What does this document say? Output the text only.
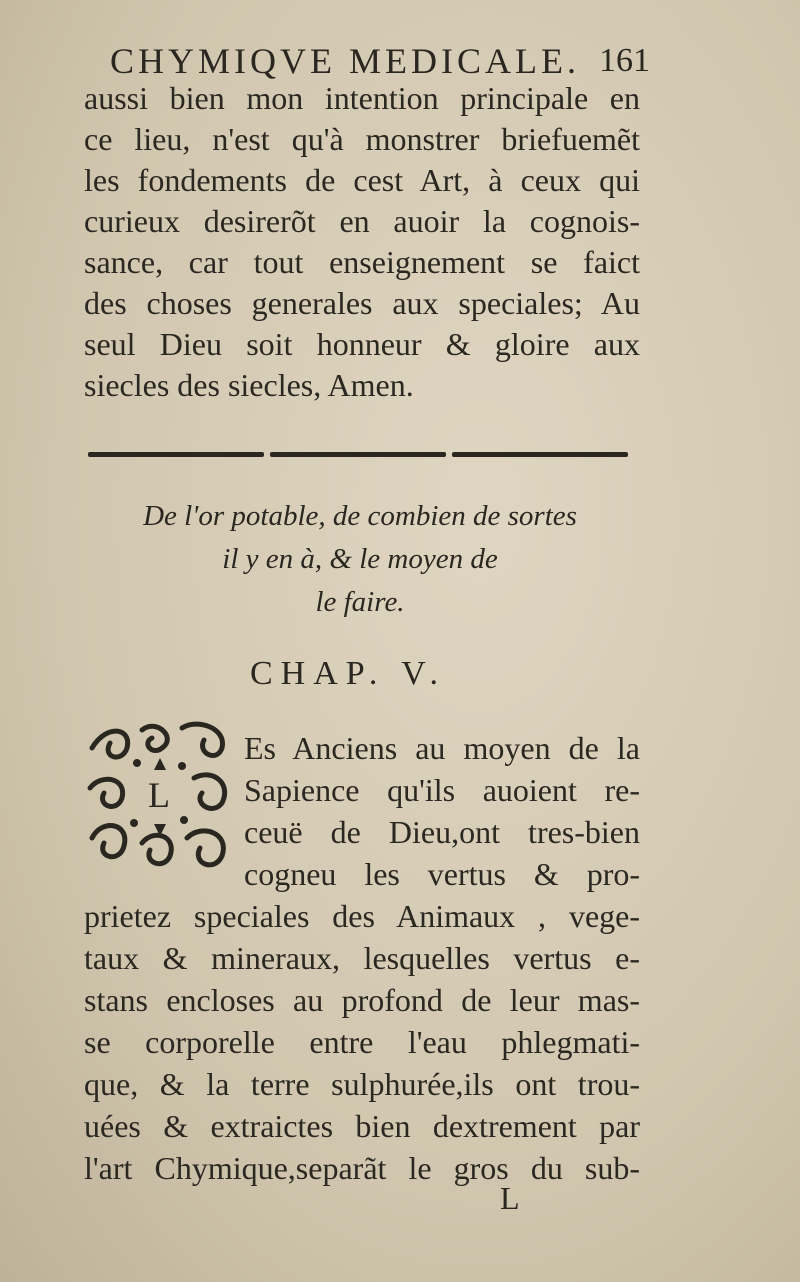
CHYMIQVE MEDICALE. 161
aussi bien mon intention principale en
ce lieu, n'est qu'à monstrer briefuemẽt
les fondements de cest Art, à ceux qui
curieux desirerõt en auoir la cognois-
sance, car tout enseignement se faict
des choses generales aux speciales; Au
seul Dieu soit honneur & gloire aux
siecles des siecles, Amen.
De l'or potable, de combien de sortes
il y en à, & le moyen de
le faire.
CHAP. V.
L
Es Anciens au moyen de la
Sapience qu'ils auoient re-
ceuë de Dieu,ont tres-bien
cogneu les vertus & pro-
prietez speciales des Animaux , vege-
taux & mineraux, lesquelles vertus e-
stans encloses au profond de leur mas-
se corporelle entre l'eau phlegmati-
que, & la terre sulphurée,ils ont trou-
uées & extraictes bien dextrement par
l'art Chymique,separãt le gros du sub-
L
